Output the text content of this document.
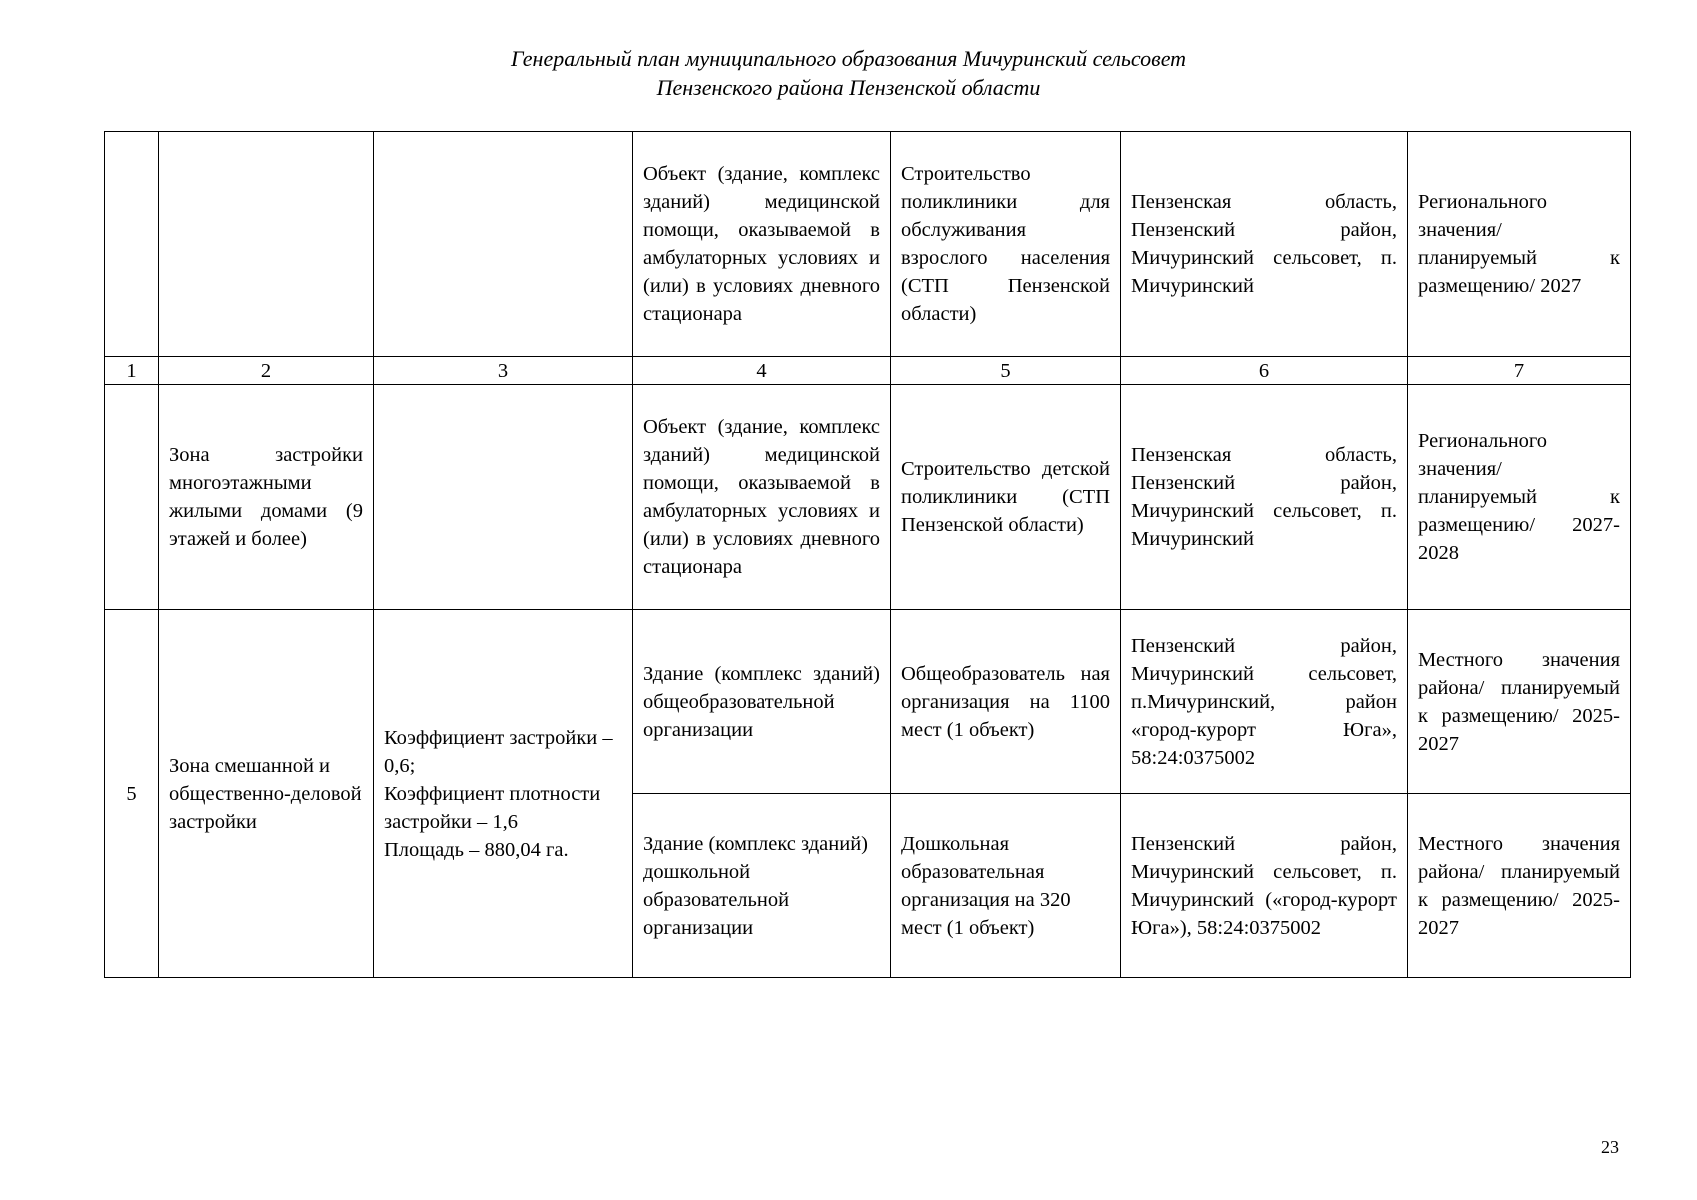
Генеральный план муниципального образования Мичуринский сельсовет
Пензенского района Пензенской области
			Объект (здание, комплекс зданий) медицинской помощи, оказываемой в амбулаторных условиях и (или) в условиях дневного стационара	Строительство поликлиники для обслуживания взрослого населения (СТП Пензенской области)	Пензенская область, Пензенский район, Мичуринский сельсовет, п. Мичуринский	Регионального значения/ планируемый к размещению/ 2027
1	2	3	4	5	6	7
	Зона застройки многоэтажными жилыми домами (9 этажей и более)		Объект (здание, комплекс зданий) медицинской помощи, оказываемой в амбулаторных условиях и (или) в условиях дневного стационара	Строительство детской поликлиники (СТП Пензенской области)	Пензенская область, Пензенский район, Мичуринский сельсовет, п. Мичуринский	Регионального значения/ планируемый к размещению/ 2027-2028
5	Зона смешанной и общественно-деловой застройки	Коэффициент застройки – 0,6;
Коэффициент плотности застройки – 1,6
Площадь – 880,04 га.	Здание (комплекс зданий) общеобразовательной организации	Общеобразователь ная организация на 1100 мест (1 объект)	Пензенский район, Мичуринский сельсовет, п.Мичуринский, район «город-курорт Юга», 58:24:0375002	Местного значения района/ планируемый к размещению/ 2025-2027
			Здание (комплекс зданий) дошкольной образовательной организации	Дошкольная образовательная организация на 320 мест (1 объект)	Пензенский район, Мичуринский сельсовет, п. Мичуринский («город-курорт Юга»), 58:24:0375002	Местного значения района/ планируемый к размещению/ 2025-2027
23
